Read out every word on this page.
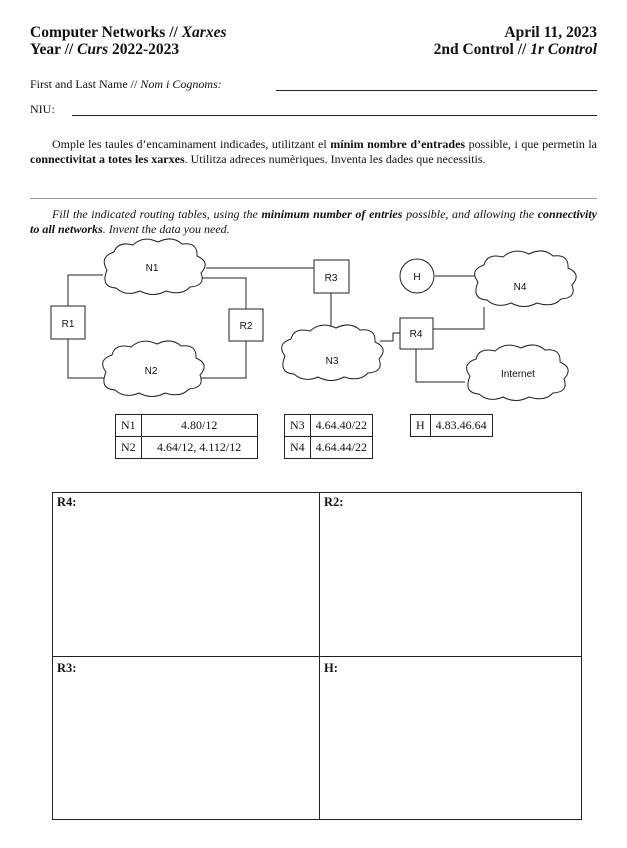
Computer Networks // Xarxes
Year // Curs 2022-2023
April 11, 2023
2nd Control // 1r Control
First and Last Name // Nom i Cognoms:
NIU:
Omple les taules d’encaminament indicades, utilitzant el mínim nombre d’entrades possible, i que permetin la connectivitat a totes les xarxes. Utilitza adreces numèriques. Inventa les dades que necessitis.
Fill the indicated routing tables, using the minimum number of entries possible, and allowing the connectivity to all networks. Invent the data you need.
N1
N2
N3
N4
Internet
R1	R2
R3
R4
H
N1	4.80/12
N2	4.64/12, 4.112/12
N3	4.64.40/22
N4	4.64.44/22
H	4.83.46.64
R4:	R2:
R3:	H:
